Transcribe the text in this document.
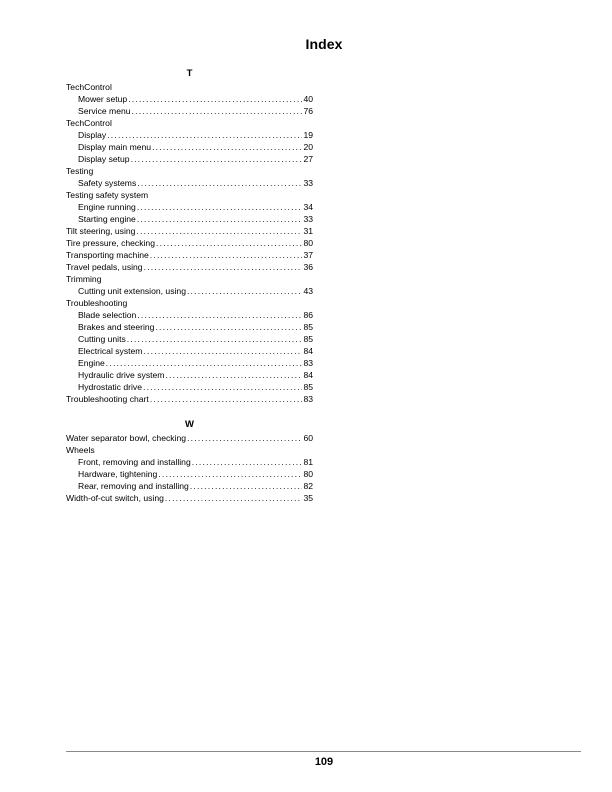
Index
T
TechControl
Mower setup .....	40
Service menu .....	76
TechControl
Display .....	19
Display main menu .....	20
Display setup .....	27
Testing
Safety systems .....	33
Testing safety system
Engine running .....	34
Starting engine .....	33
Tilt steering, using .....	31
Tire pressure, checking .....	80
Transporting machine .....	37
Travel pedals, using .....	36
Trimming
Cutting unit extension, using .....	43
Troubleshooting
Blade selection .....	86
Brakes and steering .....	85
Cutting units .....	85
Electrical system .....	84
Engine .....	83
Hydraulic drive system .....	84
Hydrostatic drive .....	85
Troubleshooting chart .....	83
W
Water separator bowl, checking .....	60
Wheels
Front, removing and installing .....	81
Hardware, tightening .....	80
Rear, removing and installing .....	82
Width-of-cut switch, using .....	35
109
